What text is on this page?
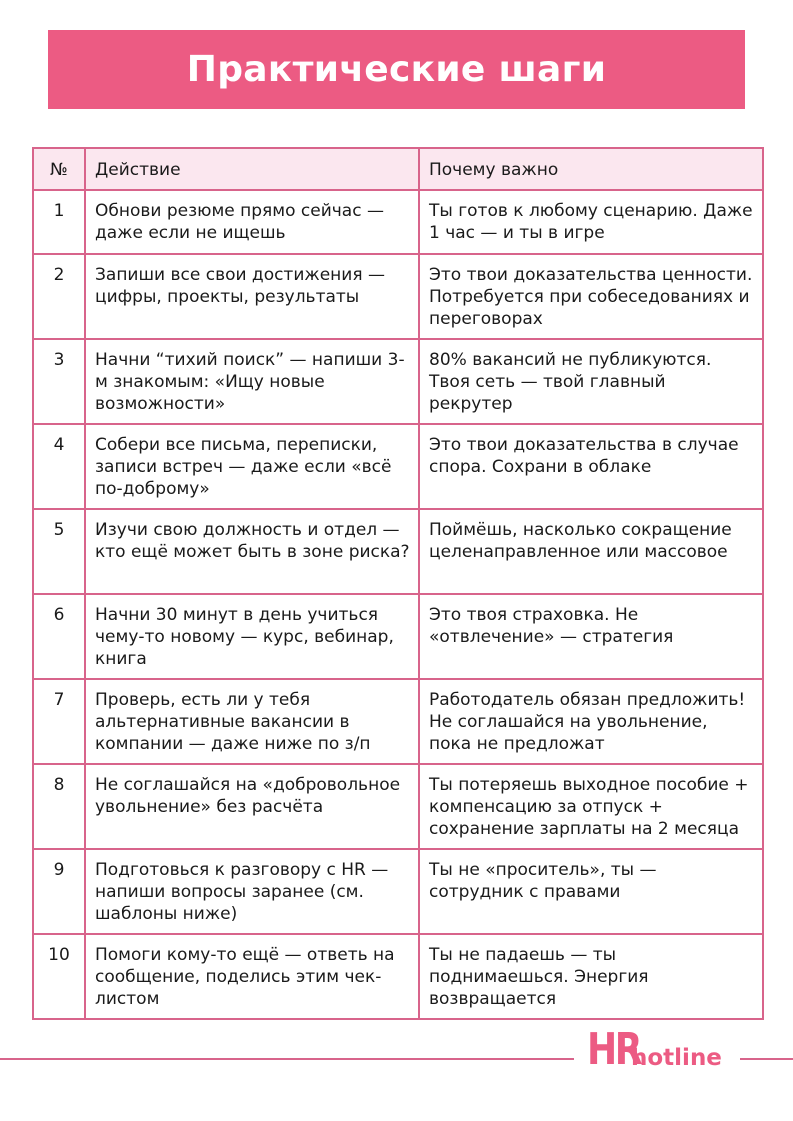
Практические шаги
№	Действие	Почему важно
1	Обнови резюме прямо сейчас — даже если не ищешь	Ты готов к любому сценарию. Даже 1 час — и ты в игре
2	Запиши все свои достижения — цифры, проекты, результаты	Это твои доказательства ценности. Потребуется при собеседованиях и переговорах
3	Начни “тихий поиск” — напиши 3-м знакомым: «Ищу новые возможности»	80% вакансий не публикуются. Твоя сеть — твой главный рекрутер
4	Собери все письма, переписки, записи встреч — даже если «всё по-доброму»	Это твои доказательства в случае спора. Сохрани в облаке
5	Изучи свою должность и отдел — кто ещё может быть в зоне риска?	Поймёшь, насколько сокращение целенаправленное или массовое
6	Начни 30 минут в день учиться чему-то новому — курс, вебинар, книга	Это твоя страховка. Не «отвлечение» — стратегия
7	Проверь, есть ли у тебя альтернативные вакансии в компании — даже ниже по з/п	Работодатель обязан предложить! Не соглашайся на увольнение, пока не предложат
8	Не соглашайся на «добровольное увольнение» без расчёта	Ты потеряешь выходное пособие + компенсацию за отпуск + сохранение зарплаты на 2 месяца
9	Подготовься к разговору с HR — напиши вопросы заранее (см. шаблоны ниже)	Ты не «проситель», ты — сотрудник с правами
10	Помоги кому-то ещё — ответь на сообщение, поделись этим чек-листом	Ты не падаешь — ты поднимаешься. Энергия возвращается
HR
hotline
